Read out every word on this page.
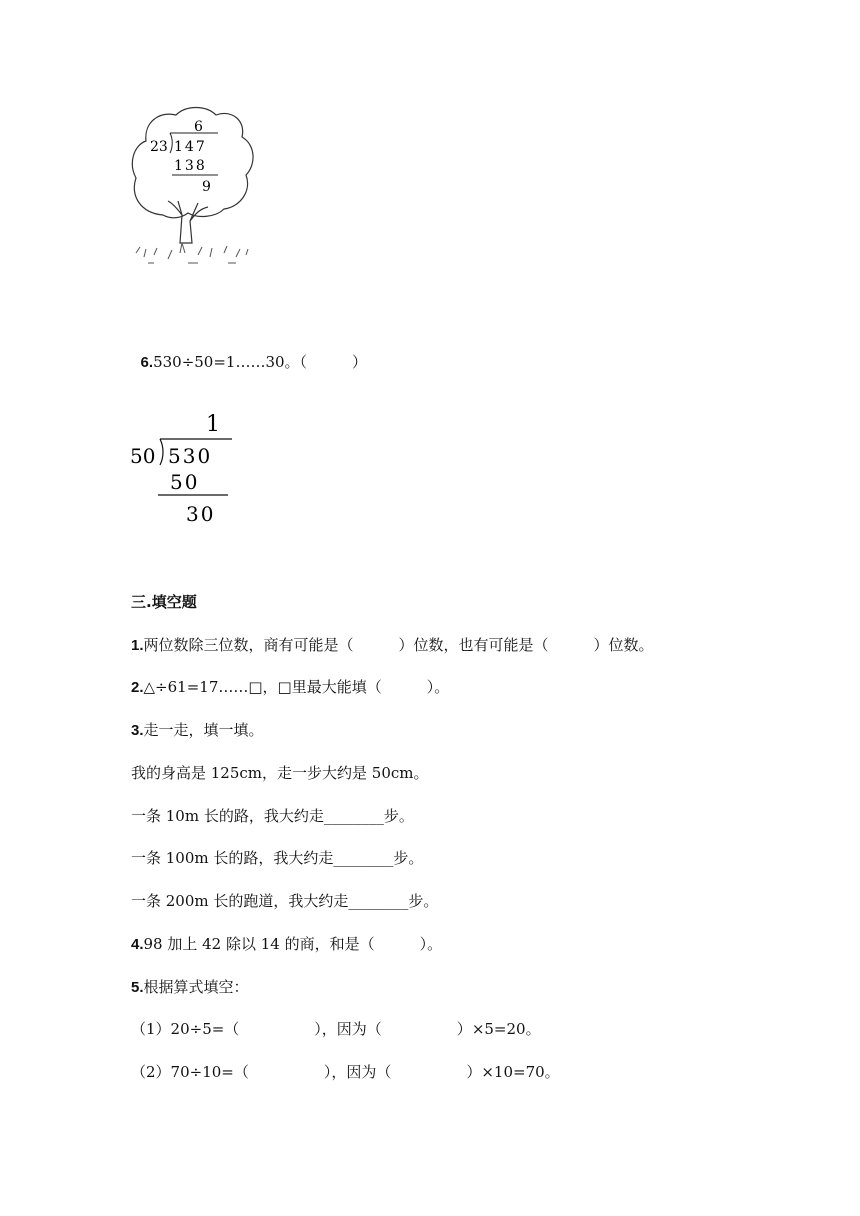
6
23 147
138
9

6.530÷50=1……30。（　　　）

1
50 530
50
30
三.填空题
1.两位数除三位数，商有可能是（　　　）位数，也有可能是（　　　）位数。
2.△÷61=17……□，□里最大能填（　　　）。
3.走一走，填一填。
我的身高是 125cm，走一步大约是 50cm。
一条 10m 长的路，我大约走________步。
一条 100m 长的路，我大约走________步。
一条 200m 长的跑道，我大约走________步。
4.98 加上 42 除以 14 的商，和是（　　　）。
5.根据算式填空：
（1）20÷5=（　　　　　），因为（　　　　　）×5=20。
（2）70÷10=（　　　　　），因为（　　　　　）×10=70。
